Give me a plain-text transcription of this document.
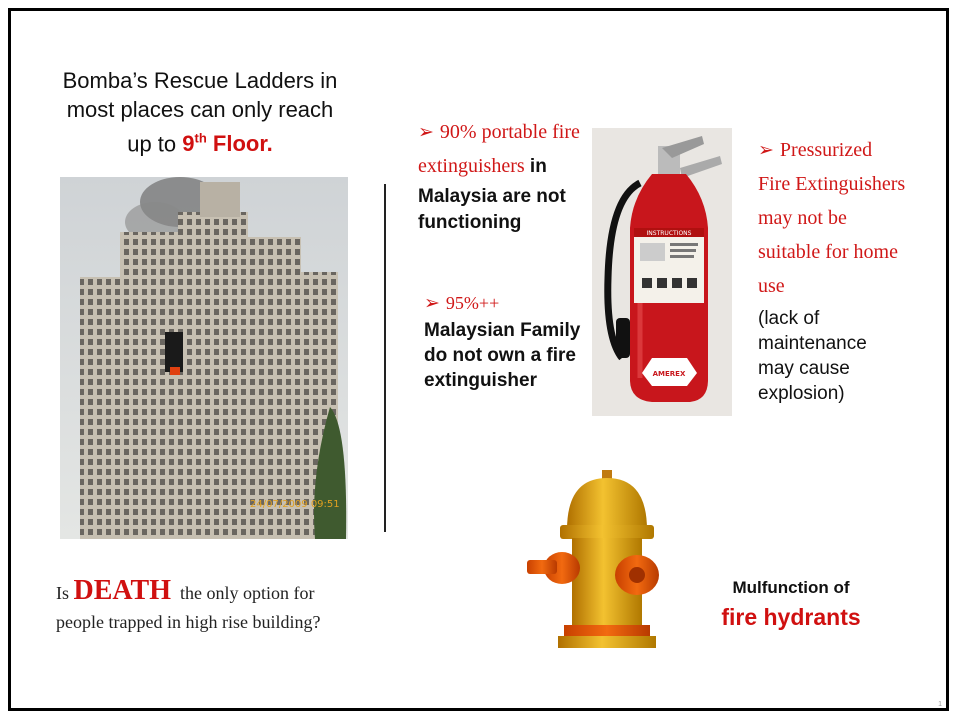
Bomba’s Rescue Ladders in
most places can only reach
up to 9th Floor.
24/07/2009 09:51
➢ 90% portable fire extinguishers in
Malaysia are not functioning
➢ 95%++
Malaysian Family do not own a fire extinguisher
INSTRUCTIONS
AMEREX
➢ Pressurized Fire Extinguishers may not be suitable for home use
(lack of maintenance may cause explosion)
Mulfunction of
fire hydrants
Is DEATH  the only option for people trapped in high rise building?
1
